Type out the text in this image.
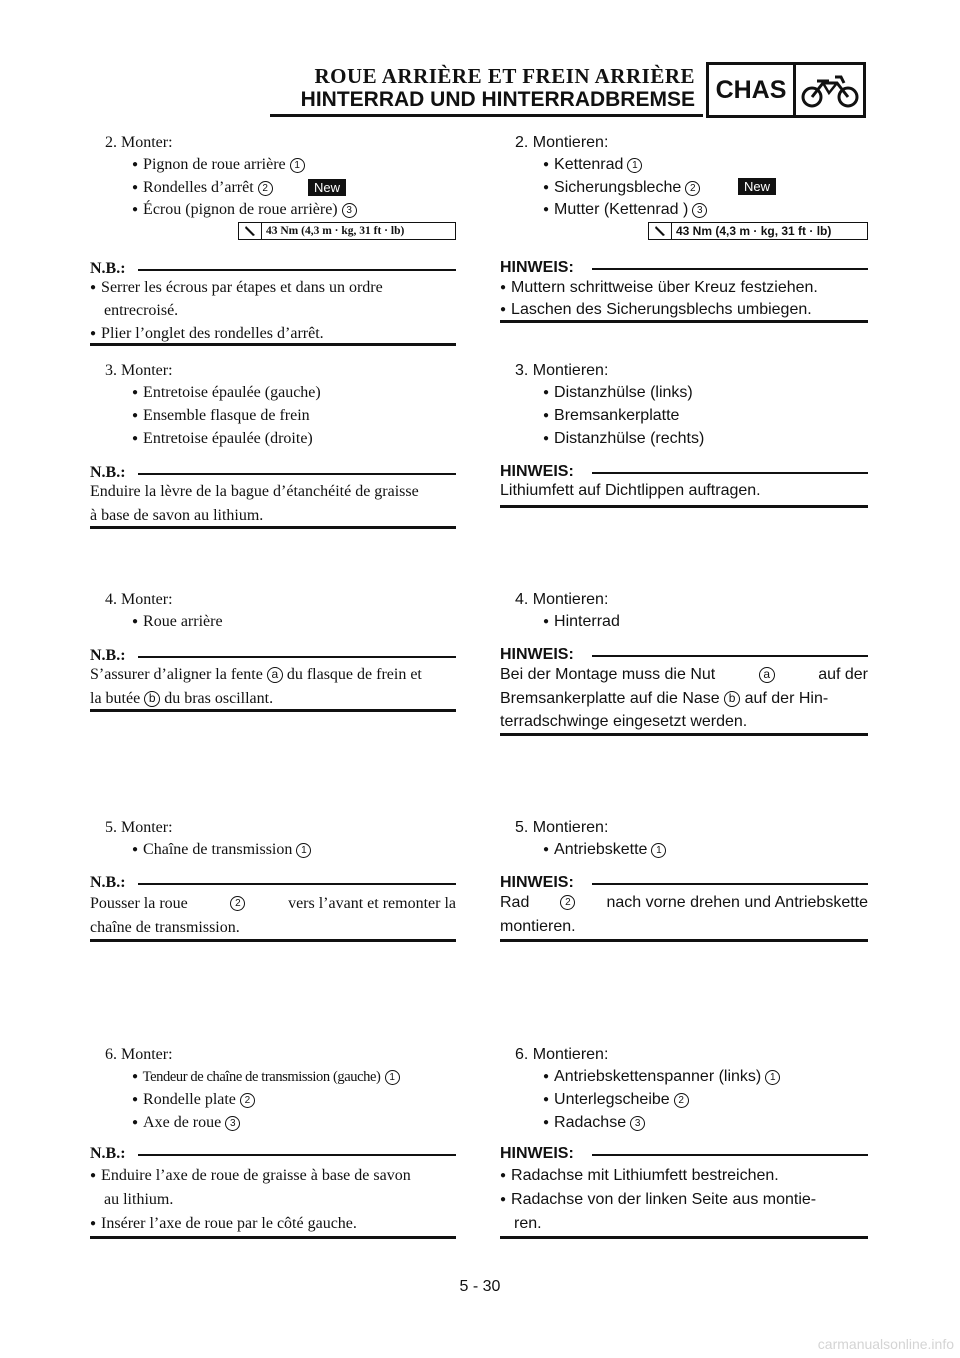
ROUE ARRIÈRE ET FREIN ARRIÈRE
HINTERRAD UND HINTERRADBREMSE CHAS
2. Monter:
● Pignon de roue arrière 1
● Rondelles d’arrêt 2	New
● Écrou (pignon de roue arrière) 3
43 Nm (4,3 m · kg, 31 ft · lb)
N.B.:
● Serrer les écrous par étapes et dans un ordre
entrecroisé.
● Plier l’onglet des rondelles d’arrêt.
3. Monter:
● Entretoise épaulée (gauche)
● Ensemble flasque de frein
● Entretoise épaulée (droite)
N.B.:
Enduire la lèvre de la bague d’étanchéité de graisse
à base de savon au lithium.
4. Monter:
● Roue arrière
N.B.:
S’assurer d’aligner la fente a du flasque de frein et
la butée b du bras oscillant.
5. Monter:
● Chaîne de transmission 1
N.B.:
Pousser la roue	2	vers l’avant et remonter la
chaîne de transmission.
6. Monter:
● Tendeur de chaîne de transmission (gauche) 1
● Rondelle plate 2
● Axe de roue 3
N.B.:
● Enduire l’axe de roue de graisse à base de savon
au lithium.
● Insérer l’axe de roue par le côté gauche.
2. Montieren:
● Kettenrad 1
● Sicherungsbleche 2	New
● Mutter (Kettenrad ) 3
43 Nm (4,3 m · kg, 31 ft · lb)
HINWEIS:
● Muttern schrittweise über Kreuz festziehen.
● Laschen des Sicherungsblechs umbiegen.
3. Montieren:
● Distanzhülse (links)
● Bremsankerplatte
● Distanzhülse (rechts)
HINWEIS:
Lithiumfett auf Dichtlippen auftragen.
4. Montieren:
● Hinterrad
HINWEIS:
Bei der Montage muss die Nut	a	auf der
Bremsankerplatte auf die Nase b auf der Hin-
terradschwinge eingesetzt werden.
5. Montieren:
● Antriebskette 1
HINWEIS:
Rad	2 nach vorne drehen und Antriebskette
montieren.
6. Montieren:
● Antriebskettenspanner (links) 1
● Unterlegscheibe 2
● Radachse 3
HINWEIS:
● Radachse mit Lithiumfett bestreichen.
● Radachse von der linken Seite aus montie-
ren.
5 - 30
carmanualsonline.info
